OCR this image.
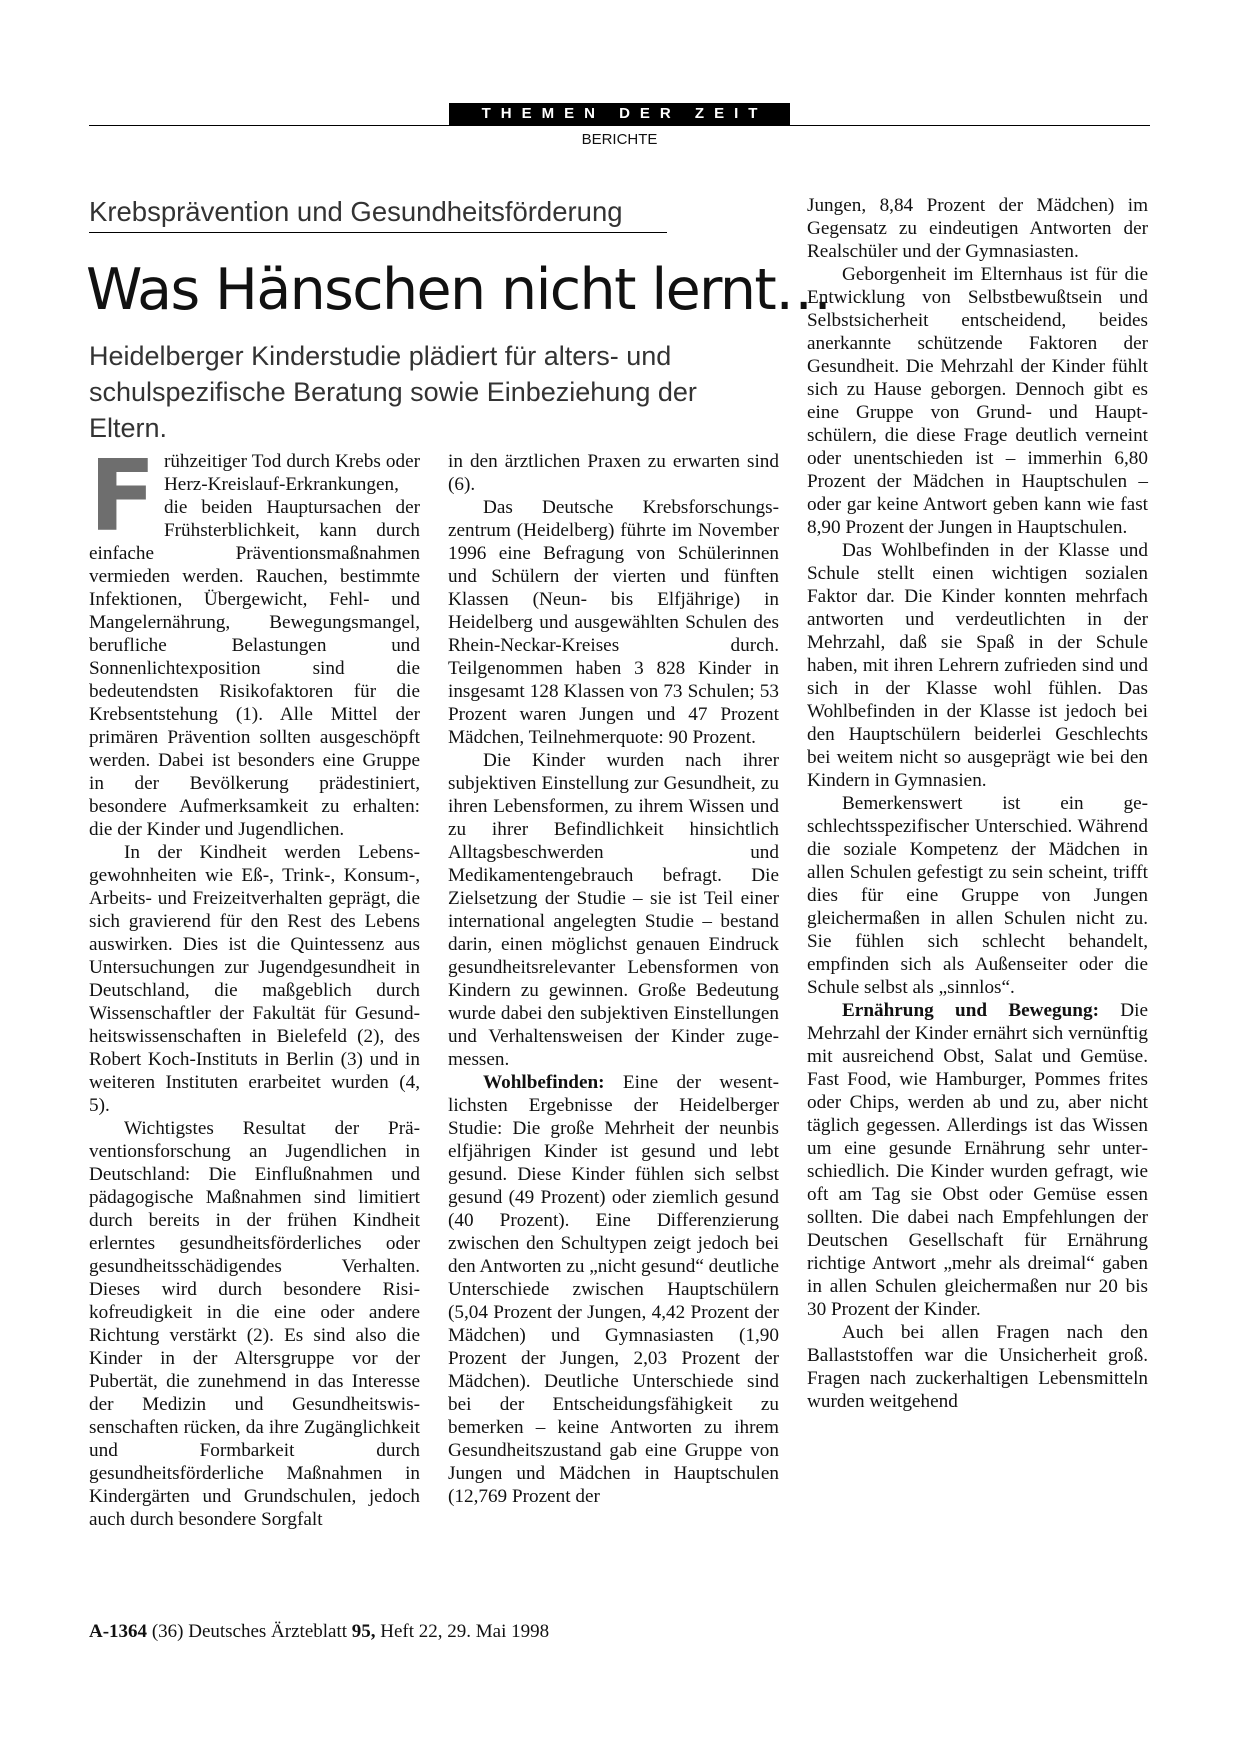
THEMEN DER ZEIT
BERICHTE
Krebsprävention und Gesundheitsförderung
Was Hänschen nicht lernt…
Heidelberger Kinderstudie plädiert für alters- und schulspezifische Beratung sowie Einbeziehung der Eltern.
F rühzeitiger Tod durch Krebs oder Herz-Kreislauf-Erkrankungen, die beiden Hauptursachen der Frühsterblichkeit, kann durch einfache Präventionsmaßnahmen vermieden werden. Rauchen, bestimmte Infektionen, Übergewicht, Fehl- und Mangelernährung, Bewegungsmangel, berufliche Belastungen und Sonnenlichtexposition sind die bedeutendsten Risikofaktoren für die Krebsentstehung (1). Alle Mittel der primären Prävention sollten ausgeschöpft werden. Dabei ist besonders eine Gruppe in der Bevölkerung prädestiniert, besondere Aufmerksamkeit zu erhalten: die der Kinder und Jugendlichen.

In der Kindheit werden Lebensgewohnheiten wie Eß-, Trink-, Konsum-, Arbeits- und Freizeitverhalten geprägt, die sich gravierend für den Rest des Lebens auswirken. Dies ist die Quintessenz aus Untersuchungen zur Jugendgesundheit in Deutschland, die maßgeblich durch Wissenschaftler der Fakultät für Gesundheitswissenschaften in Bielefeld (2), des Robert Koch-Instituts in Berlin (3) und in weiteren Instituten erarbeitet wurden (4, 5).

Wichtigstes Resultat der Präventionsforschung an Jugendlichen in Deutschland: Die Einflußnahmen und pädagogische Maßnahmen sind limitiert durch bereits in der frühen Kindheit erlerntes gesundheitsförderliches oder gesundheitsschädigendes Verhalten. Dieses wird durch besondere Risikofreudigkeit in die eine oder andere Richtung verstärkt (2). Es sind also die Kinder in der Altersgruppe vor der Pubertät, die zunehmend in das Interesse der Medizin und Gesundheitswissenschaften rücken, da ihre Zugänglichkeit und Formbarkeit durch gesundheitsförderliche Maßnahmen in Kindergärten und Grundschulen, jedoch auch durch besondere Sorgfalt

in den ärztlichen Praxen zu erwarten sind (6).

Das Deutsche Krebsforschungszentrum (Heidelberg) führte im November 1996 eine Befragung von Schülerinnen und Schülern der vierten und fünften Klassen (Neun- bis Elfjährige) in Heidelberg und ausgewählten Schulen des Rhein-Neckar-Kreises durch. Teilgenommen haben 3 828 Kinder in insgesamt 128 Klassen von 73 Schulen; 53 Prozent waren Jungen und 47 Prozent Mädchen, Teilnehmerquote: 90 Prozent.

Die Kinder wurden nach ihrer subjektiven Einstellung zur Gesundheit, zu ihren Lebensformen, zu ihrem Wissen und zu ihrer Befindlichkeit hinsichtlich Alltagsbeschwerden und Medikamentengebrauch befragt. Die Zielsetzung der Studie – sie ist Teil einer international angelegten Studie – bestand darin, einen möglichst genauen Eindruck gesundheitsrelevanter Lebensformen von Kindern zu gewinnen. Große Bedeutung wurde dabei den subjektiven Einstellungen und Verhaltensweisen der Kinder zugemessen.

Wohlbefinden: Eine der wesentlichsten Ergebnisse der Heidelberger Studie: Die große Mehrheit der neunbis elfjährigen Kinder ist gesund und lebt gesund. Diese Kinder fühlen sich selbst gesund (49 Prozent) oder ziemlich gesund (40 Prozent). Eine Differenzierung zwischen den Schultypen zeigt jedoch bei den Antworten zu „nicht gesund“ deutliche Unterschiede zwischen Hauptschülern (5,04 Prozent der Jungen, 4,42 Prozent der Mädchen) und Gymnasiasten (1,90 Prozent der Jungen, 2,03 Prozent der Mädchen). Deutliche Unterschiede sind bei der Entscheidungsfähigkeit zu bemerken – keine Antworten zu ihrem Gesundheitszustand gab eine Gruppe von Jungen und Mädchen in Hauptschulen (12,769 Prozent der

Jungen, 8,84 Prozent der Mädchen) im Gegensatz zu eindeutigen Antworten der Realschüler und der Gymnasiasten.

Geborgenheit im Elternhaus ist für die Entwicklung von Selbstbewußtsein und Selbstsicherheit entscheidend, beides anerkannte schützende Faktoren der Gesundheit. Die Mehrzahl der Kinder fühlt sich zu Hause geborgen. Dennoch gibt es eine Gruppe von Grund- und Hauptschülern, die diese Frage deutlich verneint oder unentschieden ist – immerhin 6,80 Prozent der Mädchen in Hauptschulen – oder gar keine Antwort geben kann wie fast 8,90 Prozent der Jungen in Hauptschulen.

Das Wohlbefinden in der Klasse und Schule stellt einen wichtigen sozialen Faktor dar. Die Kinder konnten mehrfach antworten und verdeutlichten in der Mehrzahl, daß sie Spaß in der Schule haben, mit ihren Lehrern zufrieden sind und sich in der Klasse wohl fühlen. Das Wohlbefinden in der Klasse ist jedoch bei den Hauptschülern beiderlei Geschlechts bei weitem nicht so ausgeprägt wie bei den Kindern in Gymnasien.

Bemerkenswert ist ein geschlechtsspezifischer Unterschied. Während die soziale Kompetenz der Mädchen in allen Schulen gefestigt zu sein scheint, trifft dies für eine Gruppe von Jungen gleichermaßen in allen Schulen nicht zu. Sie fühlen sich schlecht behandelt, empfinden sich als Außenseiter oder die Schule selbst als „sinnlos“.

Ernährung und Bewegung: Die Mehrzahl der Kinder ernährt sich vernünftig mit ausreichend Obst, Salat und Gemüse. Fast Food, wie Hamburger, Pommes frites oder Chips, werden ab und zu, aber nicht täglich gegessen. Allerdings ist das Wissen um eine gesunde Ernährung sehr unterschiedlich. Die Kinder wurden gefragt, wie oft am Tag sie Obst oder Gemüse essen sollten. Die dabei nach Empfehlungen der Deutschen Gesellschaft für Ernährung richtige Antwort „mehr als dreimal“ gaben in allen Schulen gleichermaßen nur 20 bis 30 Prozent der Kinder.

Auch bei allen Fragen nach den Ballaststoffen war die Unsicherheit groß. Fragen nach zuckerhaltigen Lebensmitteln wurden weitgehend

A-1364 (36) Deutsches Ärzteblatt 95, Heft 22, 29. Mai 1998
